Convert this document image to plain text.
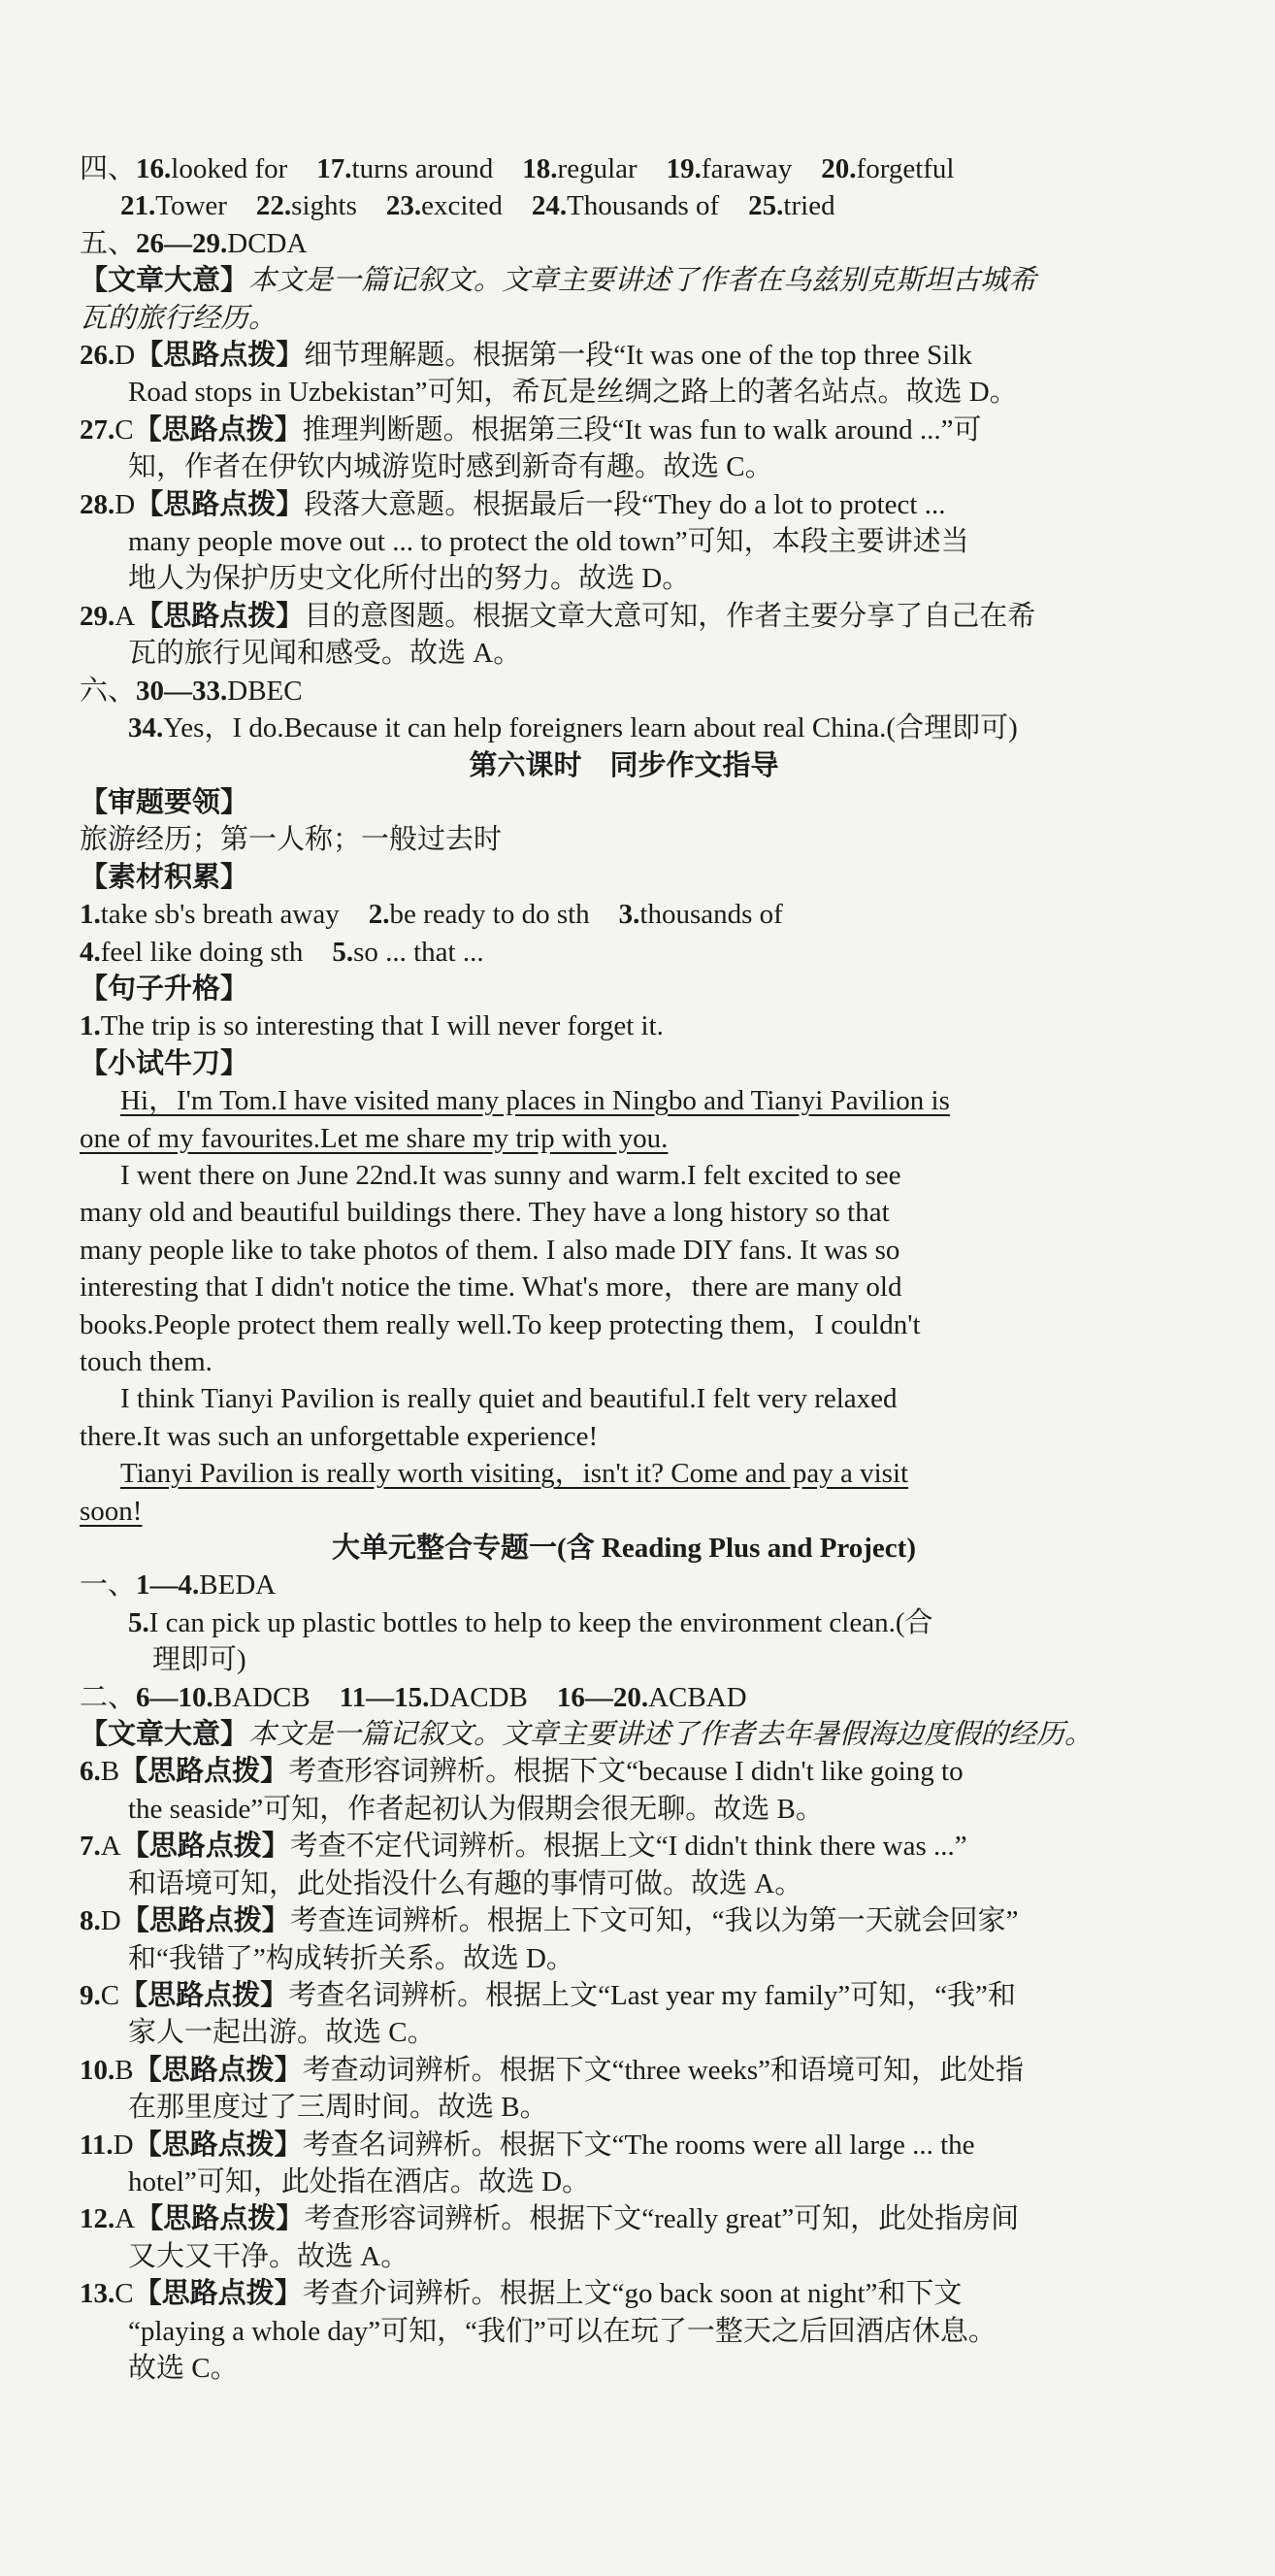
四、16.looked for 17.turns around 18.regular 19.faraway 20.forgetful
21.Tower 22.sights 23.excited 24.Thousands of 25.tried
五、26—29.DCDA
【文章大意】本文是一篇记叙文。文章主要讲述了作者在乌兹别克斯坦古城希
瓦的旅行经历。
26.D【思路点拨】细节理解题。根据第一段“It was one of the top three Silk
Road stops in Uzbekistan”可知，希瓦是丝绸之路上的著名站点。故选 D。
27.C【思路点拨】推理判断题。根据第三段“It was fun to walk around ...”可
知，作者在伊钦内城游览时感到新奇有趣。故选 C。
28.D【思路点拨】段落大意题。根据最后一段“They do a lot to protect ...
many people move out ... to protect the old town”可知，本段主要讲述当
地人为保护历史文化所付出的努力。故选 D。
29.A【思路点拨】目的意图题。根据文章大意可知，作者主要分享了自己在希
瓦的旅行见闻和感受。故选 A。
六、30—33.DBEC
34.Yes，I do.Because it can help foreigners learn about real China.(合理即可)
第六课时　同步作文指导
【审题要领】
旅游经历；第一人称；一般过去时
【素材积累】
1.take sb's breath away 2.be ready to do sth 3.thousands of
4.feel like doing sth 5.so ... that ...
【句子升格】
1.The trip is so interesting that I will never forget it.
【小试牛刀】
Hi，I'm Tom.I have visited many places in Ningbo and Tianyi Pavilion is
one of my favourites.Let me share my trip with you.
I went there on June 22nd.It was sunny and warm.I felt excited to see
many old and beautiful buildings there. They have a long history so that
many people like to take photos of them. I also made DIY fans. It was so
interesting that I didn't notice the time. What's more，there are many old
books.People protect them really well.To keep protecting them，I couldn't
touch them.
I think Tianyi Pavilion is really quiet and beautiful.I felt very relaxed
there.It was such an unforgettable experience!
Tianyi Pavilion is really worth visiting，isn't it? Come and pay a visit
soon!
大单元整合专题一(含 Reading Plus and Project)
一、1—4.BEDA
5.I can pick up plastic bottles to help to keep the environment clean.(合
理即可)
二、6—10.BADCB 11—15.DACDB 16—20.ACBAD
【文章大意】本文是一篇记叙文。文章主要讲述了作者去年暑假海边度假的经历。
6.B【思路点拨】考查形容词辨析。根据下文“because I didn't like going to
the seaside”可知，作者起初认为假期会很无聊。故选 B。
7.A【思路点拨】考查不定代词辨析。根据上文“I didn't think there was ...”
和语境可知，此处指没什么有趣的事情可做。故选 A。
8.D【思路点拨】考查连词辨析。根据上下文可知，“我以为第一天就会回家”
和“我错了”构成转折关系。故选 D。
9.C【思路点拨】考查名词辨析。根据上文“Last year my family”可知，“我”和
家人一起出游。故选 C。
10.B【思路点拨】考查动词辨析。根据下文“three weeks”和语境可知，此处指
在那里度过了三周时间。故选 B。
11.D【思路点拨】考查名词辨析。根据下文“The rooms were all large ... the
hotel”可知，此处指在酒店。故选 D。
12.A【思路点拨】考查形容词辨析。根据下文“really great”可知，此处指房间
又大又干净。故选 A。
13.C【思路点拨】考查介词辨析。根据上文“go back soon at night”和下文
“playing a whole day”可知，“我们”可以在玩了一整天之后回酒店休息。
故选 C。
